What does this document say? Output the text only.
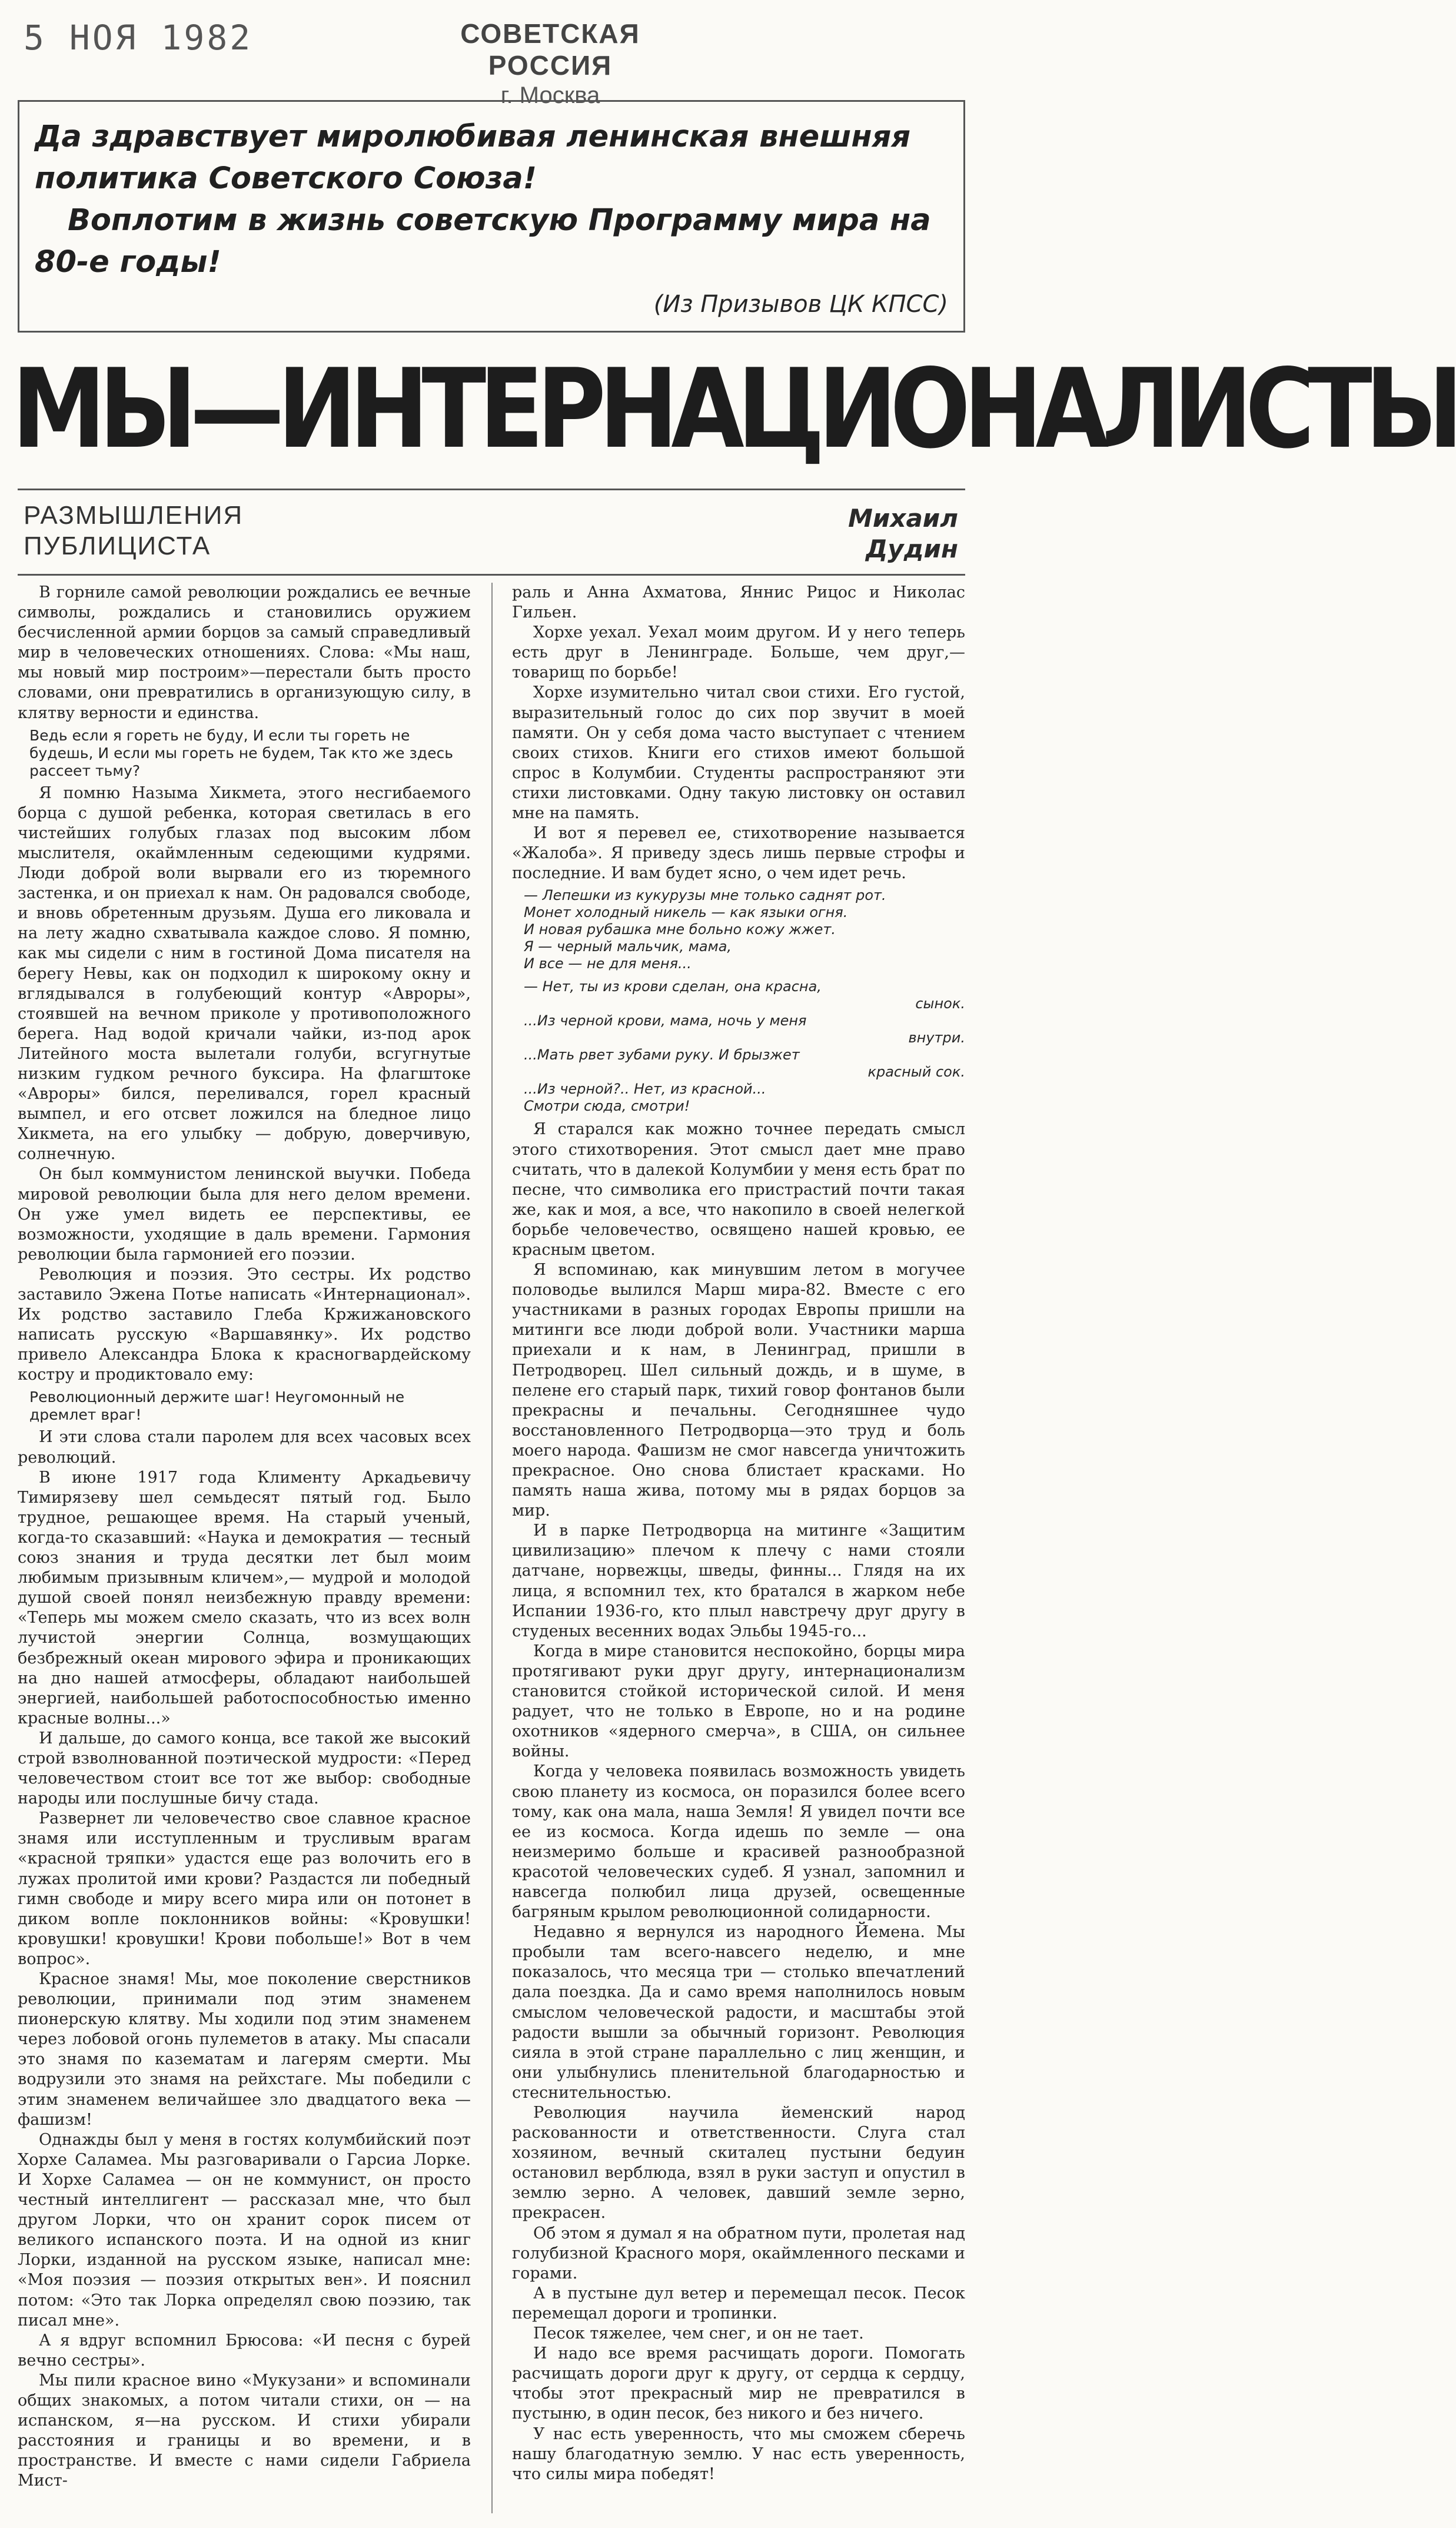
5 НОЯ 1982	СОВЕТСКАЯ РОССИЯ
г. Москва

Да здравствует миролюбивая ленинская внешняя политика Советского Союза!

Воплотим в жизнь советскую Программу мира на 80-е годы!

(Из Призывов ЦК КПСС)
МЫ—ИНТЕРНАЦИОНАЛИСТЫ
РАЗМЫШЛЕНИЯ
ПУБЛИЦИСТА
Михаил
Дудин

В горниле самой революции рождались ее вечные символы, рождались и становились оружием бесчисленной армии борцов за самый справедливый мир в человеческих отношениях. Слова: «Мы наш, мы новый мир построим»—перестали быть просто словами, они превратились в организующую силу, в клятву верности и единства.

Ведь если я гореть не буду, И если ты гореть не будешь, И если мы гореть не будем, Так кто же здесь рассеет тьму?

Я помню Назыма Хикмета, этого несгибаемого борца с душой ребенка, которая светилась в его чистейших голубых глазах под высоким лбом мыслителя, окаймленным седеющими кудрями. Люди доброй воли вырвали его из тюремного застенка, и он приехал к нам. Он радовался свободе, и вновь обретенным друзьям. Душа его ликовала и на лету жадно схватывала каждое слово. Я помню, как мы сидели с ним в гостиной Дома писателя на берегу Невы, как он подходил к широкому окну и вглядывался в голубеющий контур «Авроры», стоявшей на вечном приколе у противоположного берега. Над водой кричали чайки, из-под арок Литейного моста вылетали голуби, всгугнутые низким гудком речного буксира. На флагштоке «Авроры» бился, переливался, горел красный вымпел, и его отсвет ложился на бледное лицо Хикмета, на его улыбку — добрую, доверчивую, солнечную.

Он был коммунистом ленинской выучки. Победа мировой революции была для него делом времени. Он уже умел видеть ее перспективы, ее возможности, уходящие в даль времени. Гармония революции была гармонией его поэзии.

Революция и поэзия. Это сестры. Их родство заставило Эжена Потье написать «Интернационал». Их родство заставило Глеба Кржижановского написать русскую «Варшавянку». Их родство привело Александра Блока к красногвардейскому костру и продиктовало ему:

Революционный держите шаг! Неугомонный не дремлет враг!

И эти слова стали паролем для всех часовых всех революций.

В июне 1917 года Клименту Аркадьевичу Тимирязеву шел семьдесят пятый год. Было трудное, решающее время. На старый ученый, когда-то сказавший: «Наука и демократия — тесный союз знания и труда десятки лет был моим любимым призывным кличем»,— мудрой и молодой душой своей понял неизбежную правду времени: «Теперь мы можем смело сказать, что из всех волн лучистой энергии Солнца, возмущающих безбрежный океан мирового эфира и проникающих на дно нашей атмосферы, обладают наибольшей энергией, наибольшей работоспособностью именно красные волны...»

И дальше, до самого конца, все такой же высокий строй взволнованной поэтической мудрости: «Перед человечеством стоит все тот же выбор: свободные народы или послушные бичу стада.

Развернет ли человечество свое славное красное знамя или исступленным и трусливым врагам «красной тряпки» удастся еще раз волочить его в лужах пролитой ими крови? Раздастся ли победный гимн свободе и миру всего мира или он потонет в диком вопле поклонников войны: «Кровушки! кровушки! кровушки! Крови побольше!» Вот в чем вопрос».

Красное знамя! Мы, мое поколение сверстников революции, принимали под этим знаменем пионерскую клятву. Мы ходили под этим знаменем через лобовой огонь пулеметов в атаку. Мы спасали это знамя по казематам и лагерям смерти. Мы водрузили это знамя на рейхстаге. Мы победили с этим знаменем величайшее зло двадцатого века — фашизм!

Однажды был у меня в гостях колумбийский поэт Хорхе Саламеа. Мы разговаривали о Гарсиа Лорке. И Хорхе Саламеа — он не коммунист, он просто честный интеллигент — рассказал мне, что был другом Лорки, что он хранит сорок писем от великого испанского поэта. И на одной из книг Лорки, изданной на русском языке, написал мне: «Моя поэзия — поэзия открытых вен». И пояснил потом: «Это так Лорка определял свою поэзию, так писал мне».

А я вдруг вспомнил Брюсова: «И песня с бурей вечно сестры».

Мы пили красное вино «Мукузани» и вспоминали общих знакомых, а потом читали стихи, он — на испанском, я—на русском. И стихи убирали расстояния и границы и во времени, и в пространстве. И вместе с нами сидели Габриела Мист-

раль и Анна Ахматова, Яннис Рицос и Николас Гильен.

Хорхе уехал. Уехал моим другом. И у него теперь есть друг в Ленинграде. Больше, чем друг,— товарищ по борьбе!

Хорхе изумительно читал свои стихи. Его густой, выразительный голос до сих пор звучит в моей памяти. Он у себя дома часто выступает с чтением своих стихов. Книги его стихов имеют большой спрос в Колумбии. Студенты распространяют эти стихи листовками. Одну такую листовку он оставил мне на память.

И вот я перевел ее, стихотворение называется «Жалоба». Я приведу здесь лишь первые строфы и последние. И вам будет ясно, о чем идет речь.

— Лепешки из кукурузы мне только саднят рот.
Монет холодный никель — как языки огня.
И новая рубашка мне больно кожу жжет.
Я — черный мальчик, мама,
И все — не для меня...
— Нет, ты из крови сделан, она красна,
сынок.
...Из черной крови, мама, ночь у меня
внутри.
...Мать рвет зубами руку. И брызжет
красный сок.
...Из черной?.. Нет, из красной...
Смотри сюда, смотри!

Я старался как можно точнее передать смысл этого стихотворения. Этот смысл дает мне право считать, что в далекой Колумбии у меня есть брат по песне, что символика его пристрастий почти такая же, как и моя, а все, что накопило в своей нелегкой борьбе человечество, освящено нашей кровью, ее красным цветом.

Я вспоминаю, как минувшим летом в могучее половодье вылился Марш мира-82. Вместе с его участниками в разных городах Европы пришли на митинги все люди доброй воли. Участники марша приехали и к нам, в Ленинград, пришли в Петродворец. Шел сильный дождь, и в шуме, в пелене его старый парк, тихий говор фонтанов были прекрасны и печальны. Сегодняшнее чудо восстановленного Петродворца—это труд и боль моего народа. Фашизм не смог навсегда уничтожить прекрасное. Оно снова блистает красками. Но память наша жива, потому мы в рядах борцов за мир.

И в парке Петродворца на митинге «Защитим цивилизацию» плечом к плечу с нами стояли датчане, норвежцы, шведы, финны... Глядя на их лица, я вспомнил тех, кто братался в жарком небе Испании 1936-го, кто плыл навстречу друг другу в студеных весенних водах Эльбы 1945-го...

Когда в мире становится неспокойно, борцы мира протягивают руки друг другу, интернационализм становится стойкой исторической силой. И меня радует, что не только в Европе, но и на родине охотников «ядерного смерча», в США, он сильнее войны.

Когда у человека появилась возможность увидеть свою планету из космоса, он поразился более всего тому, как она мала, наша Земля! Я увидел почти все ее из космоса. Когда идешь по земле — она неизмеримо больше и красивей разнообразной красотой человеческих судеб. Я узнал, запомнил и навсегда полюбил лица друзей, освещенные багряным крылом революционной солидарности.

Недавно я вернулся из народного Йемена. Мы пробыли там всего-навсего неделю, и мне показалось, что месяца три — столько впечатлений дала поездка. Да и само время наполнилось новым смыслом человеческой радости, и масштабы этой радости вышли за обычный горизонт. Революция сияла в этой стране параллельно с лиц женщин, и они улыбнулись пленительной благодарностью и стеснительностью.

Революция научила йеменский народ раскованности и ответственности. Слуга стал хозяином, вечный скиталец пустыни бедуин остановил верблюда, взял в руки заступ и опустил в землю зерно. А человек, давший земле зерно, прекрасен.

Об этом я думал я на обратном пути, пролетая над голубизной Красного моря, окаймленного песками и горами.

А в пустыне дул ветер и перемещал песок. Песок перемещал дороги и тропинки.

Песок тяжелее, чем снег, и он не тает.

И надо все время расчищать дороги. Помогать расчищать дороги друг к другу, от сердца к сердцу, чтобы этот прекрасный мир не превратился в пустыню, в один песок, без никого и без ничего.

У нас есть уверенность, что мы сможем сберечь нашу благодатную землю. У нас есть уверенность, что силы мира победят!
